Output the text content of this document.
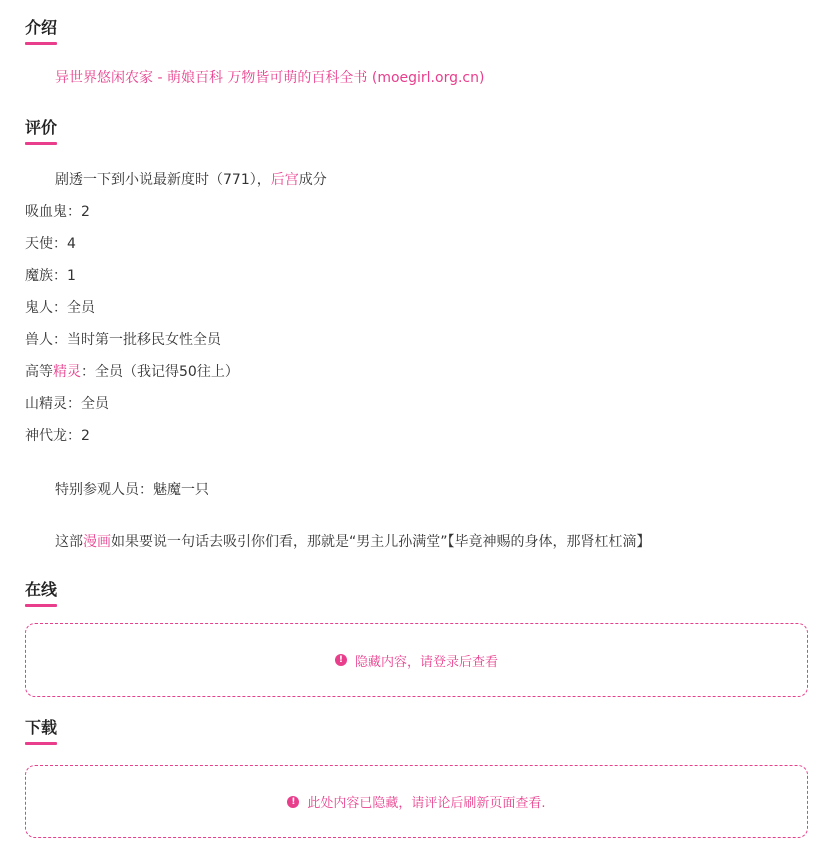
介绍
异世界悠闲农家 - 萌娘百科 万物皆可萌的百科全书 (moegirl.org.cn)
评价
剧透一下到小说最新度时（771），后宫成分
吸血鬼：2
天使：4
魔族：1
鬼人：全员
兽人：当时第一批移民女性全员
高等精灵：全员（我记得50往上）
山精灵：全员
神代龙：2
特别参观人员：魅魔一只
这部漫画如果要说一句话去吸引你们看，那就是“男主儿孙满堂”【毕竟神赐的身体，那肾杠杠滴】
在线
! 隐藏内容，请登录后查看
下载
! 此处内容已隐藏，请评论后刷新页面查看.
